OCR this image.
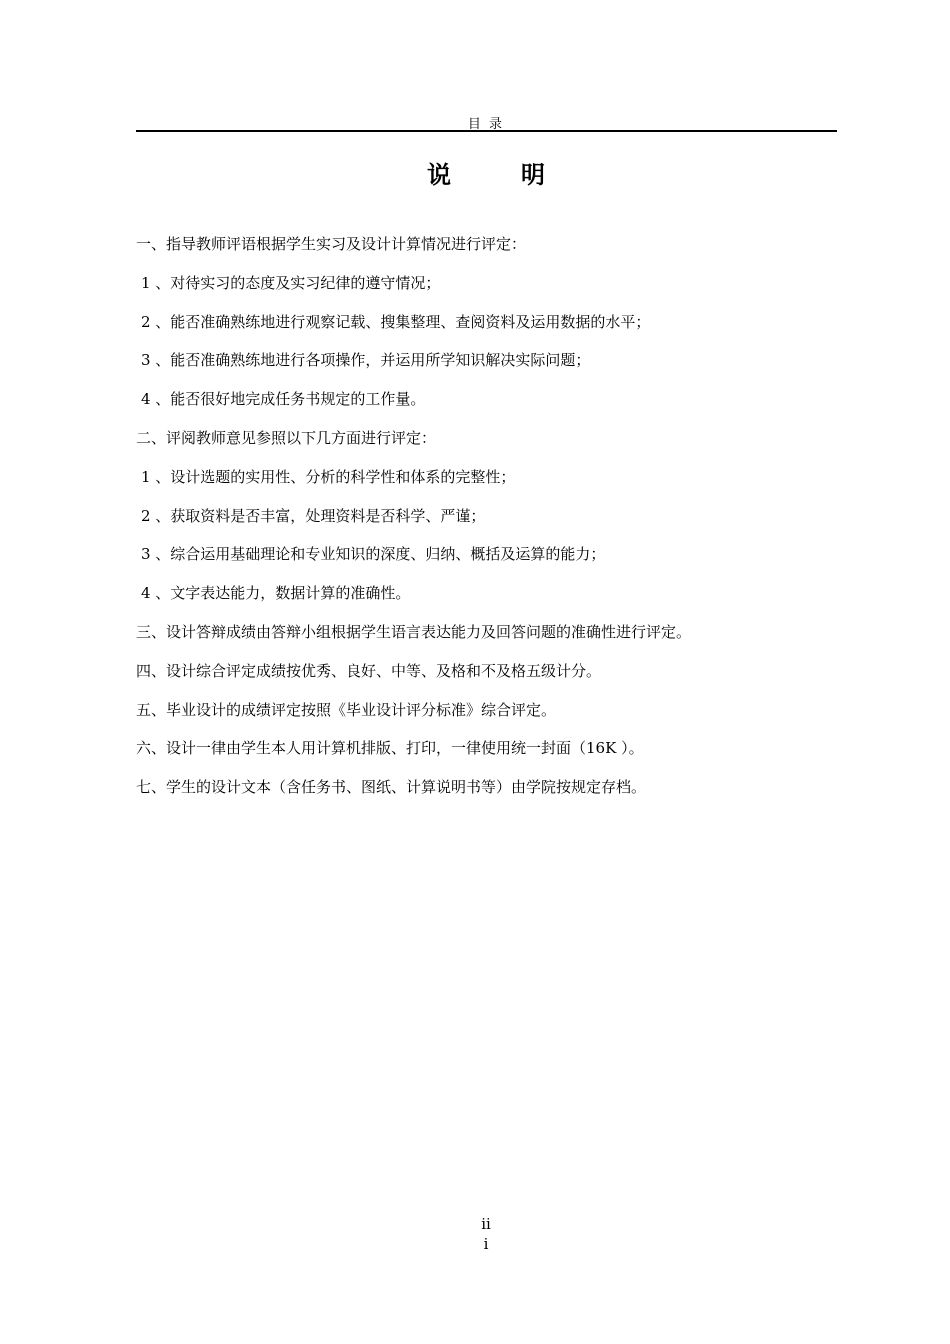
目 录
说	明
一、指导教师评语根据学生实习及设计计算情况进行评定：
1 、对待实习的态度及实习纪律的遵守情况；
2 、能否准确熟练地进行观察记载、搜集整理、查阅资料及运用数据的水平；
3 、能否准确熟练地进行各项操作，并运用所学知识解决实际问题；
4 、能否很好地完成任务书规定的工作量。
二、评阅教师意见参照以下几方面进行评定：
1 、设计选题的实用性、分析的科学性和体系的完整性；
2 、获取资料是否丰富，处理资料是否科学、严谨；
3 、综合运用基础理论和专业知识的深度、归纳、概括及运算的能力；
4 、文字表达能力，数据计算的准确性。
三、设计答辩成绩由答辩小组根据学生语言表达能力及回答问题的准确性进行评定。
四、设计综合评定成绩按优秀、良好、中等、及格和不及格五级计分。
五、毕业设计的成绩评定按照《毕业设计评分标准》综合评定。
六、设计一律由学生本人用计算机排版、打印，一律使用统一封面（16K ）。
七、学生的设计文本（含任务书、图纸、计算说明书等）由学院按规定存档。
ii
i
